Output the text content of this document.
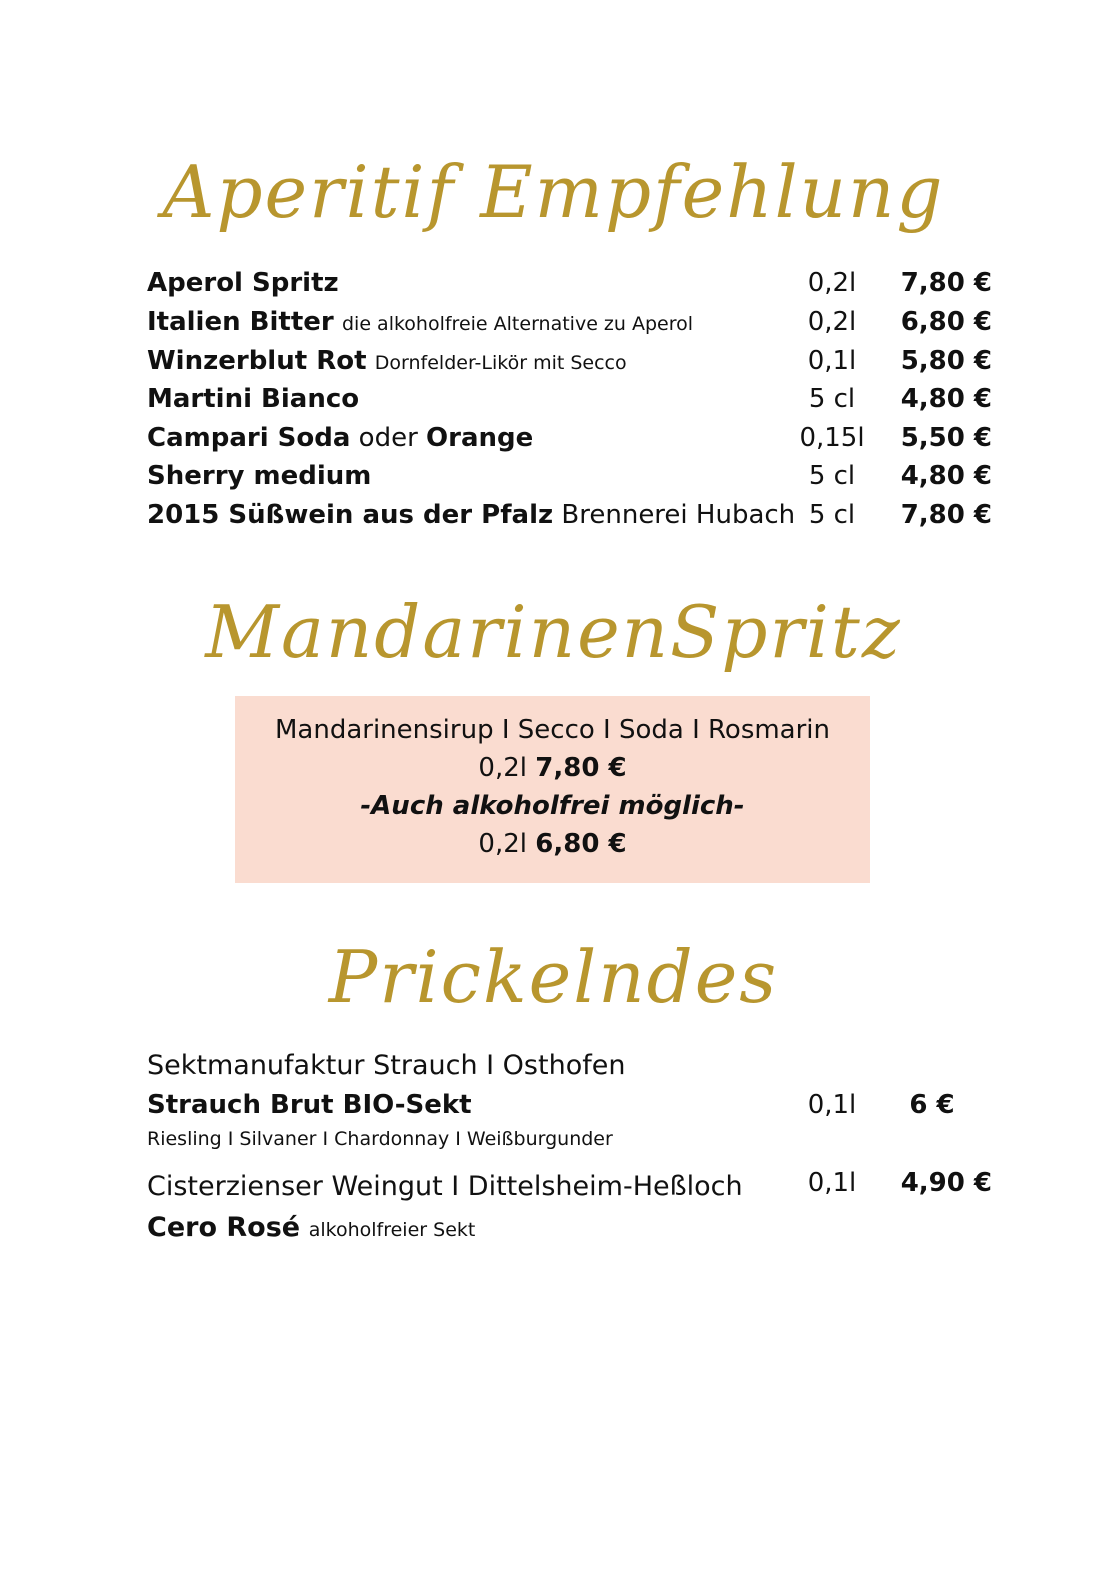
Aperitif Empfehlung
Aperol Spritz	0,2l	7,80 €
Italien Bitter die alkoholfreie Alternative zu Aperol	0,2l	6,80 €
Winzerblut Rot Dornfelder-Likör mit Secco	0,1l	5,80 €
Martini Bianco	5 cl	4,80 €
Campari Soda oder Orange	0,15l	5,50 €
Sherry medium	5 cl	4,80 €
2015 Süßwein aus der Pfalz Brennerei Hubach 5 cl	7,80 €
MandarinenSpritz
Mandarinensirup I Secco I Soda I Rosmarin
0,2l 7,80 €
-Auch alkoholfrei möglich-
0,2l 6,80 €
Prickelndes
Sektmanufaktur Strauch I Osthofen
Strauch Brut BIO-Sekt	0,1l	6 €
Riesling I Silvaner I Chardonnay I Weißburgunder
Cisterzienser Weingut I Dittelsheim-Heßloch	0,1l	4,90 €
Cero Rosé alkoholfreier Sekt
